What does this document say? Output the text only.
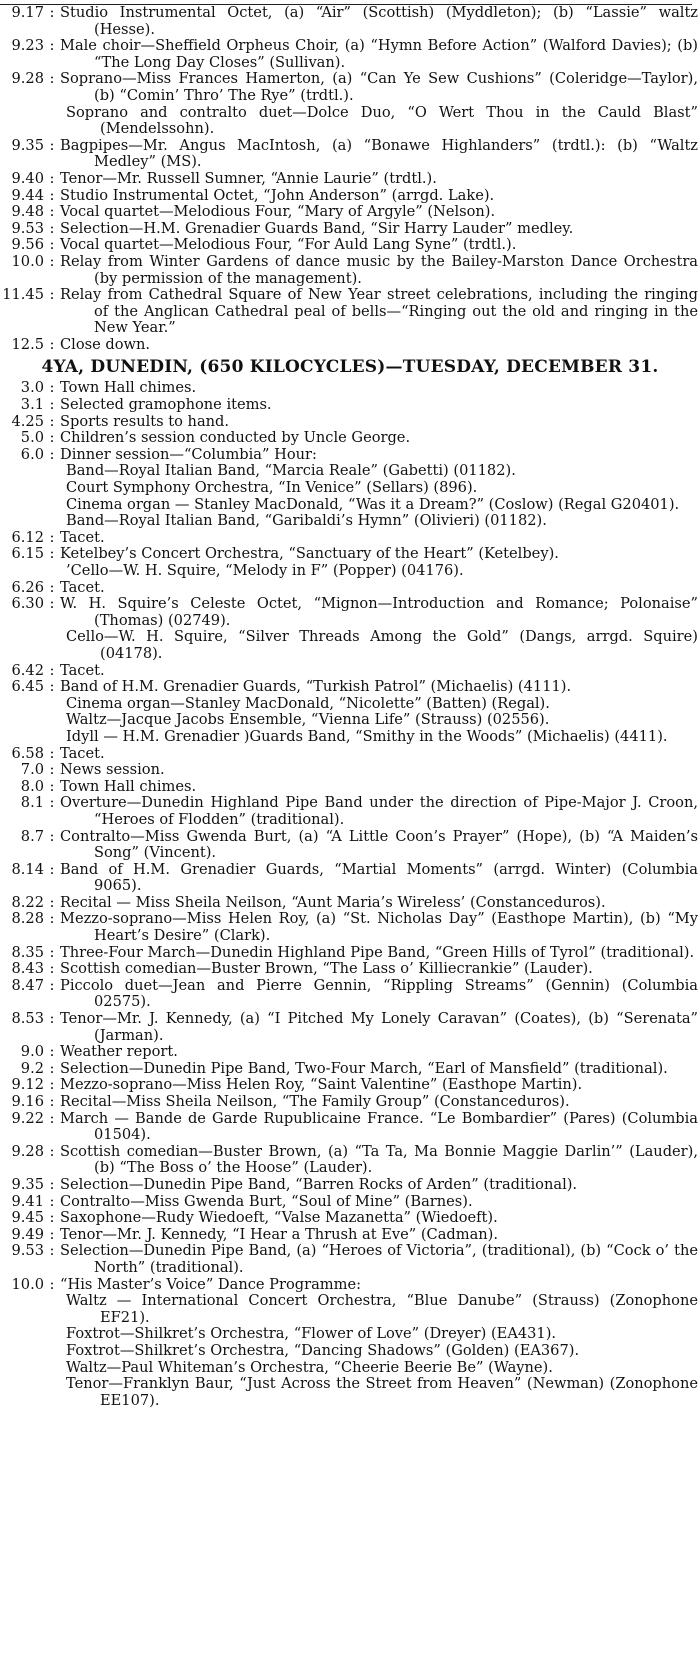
9.17 : Studio Instrumental Octet, (a) “Air” (Scottish) (Myddleton); (b) “Lassie” waltz (Hesse).
9.23 : Male choir—Sheffield Orpheus Choir, (a) “Hymn Before Action” (Walford Davies); (b) “The Long Day Closes” (Sullivan).
9.28 : Soprano—Miss Frances Hamerton, (a) “Can Ye Sew Cushions” (Coleridge—Taylor), (b) “Comin’ Thro’ The Rye” (trdtl.).
Soprano and contralto duet—Dolce Duo, “O Wert Thou in the Cauld Blast” (Mendelssohn).
9.35 : Bagpipes—Mr. Angus MacIntosh, (a) “Bonawe Highlanders” (trdtl.): (b) “Waltz Medley” (MS).
9.40 : Tenor—Mr. Russell Sumner, “Annie Laurie” (trdtl.).
9.44 : Studio Instrumental Octet, “John Anderson” (arrgd. Lake).
9.48 : Vocal quartet—Melodious Four, “Mary of Argyle” (Nelson).
9.53 : Selection—H.M. Grenadier Guards Band, “Sir Harry Lauder” medley.
9.56 : Vocal quartet—Melodious Four, “For Auld Lang Syne” (trdtl.).
10.0 : Relay from Winter Gardens of dance music by the Bailey-Marston Dance Orchestra (by permission of the management).
11.45 : Relay from Cathedral Square of New Year street celebrations, including the ringing of the Anglican Cathedral peal of bells—“Ringing out the old and ringing in the New Year.”
12.5 : Close down.
4YA, DUNEDIN, (650 KILOCYCLES)—TUESDAY, DECEMBER 31.
3.0 : Town Hall chimes.
3.1 : Selected gramophone items.
4.25 : Sports results to hand.
5.0 : Children’s session conducted by Uncle George.
6.0 : Dinner session—“Columbia” Hour:
Band—Royal Italian Band, “Marcia Reale” (Gabetti) (01182).
Court Symphony Orchestra, “In Venice” (Sellars) (896).
Cinema organ — Stanley MacDonald, “Was it a Dream?” (Coslow) (Regal G20401).
Band—Royal Italian Band, “Garibaldi’s Hymn” (Olivieri) (01182).
6.12 : Tacet.
6.15 : Ketelbey’s Concert Orchestra, “Sanctuary of the Heart” (Ketelbey).
’Cello—W. H. Squire, “Melody in F” (Popper) (04176).
6.26 : Tacet.
6.30 : W. H. Squire’s Celeste Octet, “Mignon—Introduction and Romance; Polonaise” (Thomas) (02749).
Cello—W. H. Squire, “Silver Threads Among the Gold” (Dangs, arrgd. Squire) (04178).
6.42 : Tacet.
6.45 : Band of H.M. Grenadier Guards, “Turkish Patrol” (Michaelis) (4111).
Cinema organ—Stanley MacDonald, “Nicolette” (Batten) (Regal).
Waltz—Jacque Jacobs Ensemble, “Vienna Life” (Strauss) (02556).
Idyll — H.M. Grenadier )Guards Band, “Smithy in the Woods” (Michaelis) (4411).
6.58 : Tacet.
7.0 : News session.
8.0 : Town Hall chimes.
8.1 : Overture—Dunedin Highland Pipe Band under the direction of Pipe-Major J. Croon, “Heroes of Flodden” (traditional).
8.7 : Contralto—Miss Gwenda Burt, (a) “A Little Coon’s Prayer” (Hope), (b) “A Maiden’s Song” (Vincent).
8.14 : Band of H.M. Grenadier Guards, “Martial Moments” (arrgd. Winter) (Columbia 9065).
8.22 : Recital — Miss Sheila Neilson, “Aunt Maria’s Wireless’ (Constanceduros).
8.28 : Mezzo-soprano—Miss Helen Roy, (a) “St. Nicholas Day” (Easthope Martin), (b) “My Heart’s Desire” (Clark).
8.35 : Three-Four March—Dunedin Highland Pipe Band, “Green Hills of Tyrol” (traditional).
8.43 : Scottish comedian—Buster Brown, “The Lass o’ Killiecrankie” (Lauder).
8.47 : Piccolo duet—Jean and Pierre Gennin, “Rippling Streams” (Gennin) (Columbia 02575).
8.53 : Tenor—Mr. J. Kennedy, (a) “I Pitched My Lonely Caravan” (Coates), (b) “Serenata” (Jarman).
9.0 : Weather report.
9.2 : Selection—Dunedin Pipe Band, Two-Four March, “Earl of Mansfield” (traditional).
9.12 : Mezzo-soprano—Miss Helen Roy, “Saint Valentine” (Easthope Martin).
9.16 : Recital—Miss Sheila Neilson, “The Family Group” (Constanceduros).
9.22 : March — Bande de Garde Rupublicaine France. “Le Bombardier” (Pares) (Columbia 01504).
9.28 : Scottish comedian—Buster Brown, (a) “Ta Ta, Ma Bonnie Maggie Darlin’” (Lauder), (b) “The Boss o’ the Hoose” (Lauder).
9.35 : Selection—Dunedin Pipe Band, “Barren Rocks of Arden” (traditional).
9.41 : Contralto—Miss Gwenda Burt, “Soul of Mine” (Barnes).
9.45 : Saxophone—Rudy Wiedoeft, “Valse Mazanetta” (Wiedoeft).
9.49 : Tenor—Mr. J. Kennedy, “I Hear a Thrush at Eve” (Cadman).
9.53 : Selection—Dunedin Pipe Band, (a) “Heroes of Victoria”, (traditional), (b) “Cock o’ the North” (traditional).
10.0 : “His Master’s Voice” Dance Programme:
Waltz — International Concert Orchestra, “Blue Danube” (Strauss) (Zonophone EF21).
Foxtrot—Shilkret’s Orchestra, “Flower of Love” (Dreyer) (EA431).
Foxtrot—Shilkret’s Orchestra, “Dancing Shadows” (Golden) (EA367).
Waltz—Paul Whiteman’s Orchestra, “Cheerie Beerie Be” (Wayne).
Tenor—Franklyn Baur, “Just Across the Street from Heaven” (Newman) (Zonophone EE107).
